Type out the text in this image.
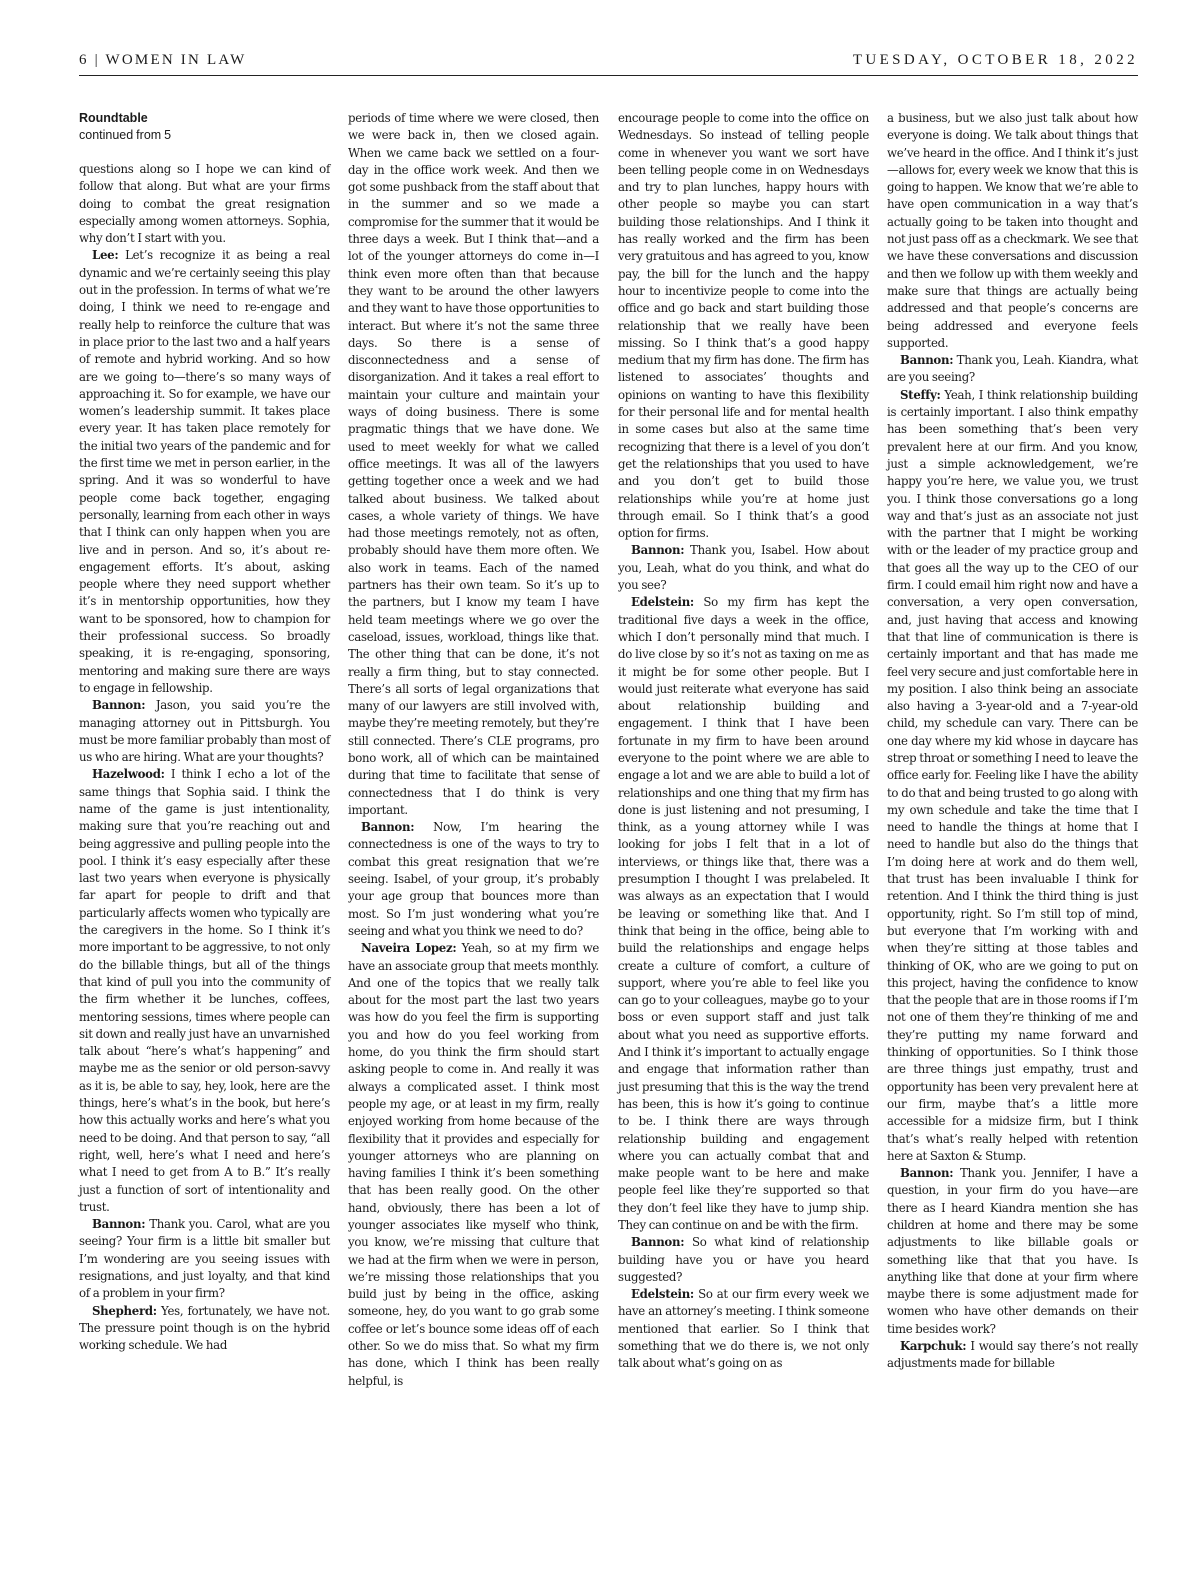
6 | WOMEN IN LAW	TUESDAY, OCTOBER 18, 2022

Roundtable

continued from 5

questions along so I hope we can kind of follow that along. But what are your firms doing to combat the great resignation especially among women attorneys. Sophia, why don’t I start with you.

Lee: Let’s recognize it as being a real dynamic and we’re certainly seeing this play out in the profession. In terms of what we’re doing, I think we need to re-engage and really help to reinforce the culture that was in place prior to the last two and a half years of remote and hybrid working. And so how are we going to—there’s so many ways of approaching it. So for example, we have our women’s leadership summit. It takes place every year. It has taken place remotely for the initial two years of the pandemic and for the first time we met in person earlier, in the spring. And it was so wonderful to have people come back together, engaging personally, learning from each other in ways that I think can only happen when you are live and in person. And so, it’s about re-engagement efforts. It’s about, asking people where they need support whether it’s in mentorship opportunities, how they want to be sponsored, how to champion for their professional success. So broadly speaking, it is re-engaging, sponsoring, mentoring and making sure there are ways to engage in fellowship.

Bannon: Jason, you said you’re the managing attorney out in Pittsburgh. You must be more familiar probably than most of us who are hiring. What are your thoughts?

Hazelwood: I think I echo a lot of the same things that Sophia said. I think the name of the game is just intentionality, making sure that you’re reaching out and being aggressive and pulling people into the pool. I think it’s easy especially after these last two years when everyone is physically far apart for people to drift and that particularly affects women who typically are the caregivers in the home. So I think it’s more important to be aggressive, to not only do the billable things, but all of the things that kind of pull you into the community of the firm whether it be lunches, coffees, mentoring sessions, times where people can sit down and really just have an unvarnished talk about “here’s what’s happening” and maybe me as the senior or old person-savvy as it is, be able to say, hey, look, here are the things, here’s what’s in the book, but here’s how this actually works and here’s what you need to be doing. And that person to say, “all right, well, here’s what I need and here’s what I need to get from A to B.” It’s really just a function of sort of intentionality and trust.

Bannon: Thank you. Carol, what are you seeing? Your firm is a little bit smaller but I’m wondering are you seeing issues with resignations, and just loyalty, and that kind of a problem in your firm?

Shepherd: Yes, fortunately, we have not. The pressure point though is on the hybrid working schedule. We had

periods of time where we were closed, then we were back in, then we closed again. When we came back we settled on a four-day in the office work week. And then we got some pushback from the staff about that in the summer and so we made a compromise for the summer that it would be three days a week. But I think that—and a lot of the younger attorneys do come in—I think even more often than that because they want to be around the other lawyers and they want to have those opportunities to interact. But where it’s not the same three days. So there is a sense of disconnectedness and a sense of disorganization. And it takes a real effort to maintain your culture and maintain your ways of doing business. There is some pragmatic things that we have done. We used to meet weekly for what we called office meetings. It was all of the lawyers getting together once a week and we had talked about business. We talked about cases, a whole variety of things. We have had those meetings remotely, not as often, probably should have them more often. We also work in teams. Each of the named partners has their own team. So it’s up to the partners, but I know my team I have held team meetings where we go over the caseload, issues, workload, things like that. The other thing that can be done, it’s not really a firm thing, but to stay connected. There’s all sorts of legal organizations that many of our lawyers are still involved with, maybe they’re meeting remotely, but they’re still connected. There’s CLE programs, pro bono work, all of which can be maintained during that time to facilitate that sense of connectedness that I do think is very important.

Bannon: Now, I’m hearing the connectedness is one of the ways to try to combat this great resignation that we’re seeing. Isabel, of your group, it’s probably your age group that bounces more than most. So I’m just wondering what you’re seeing and what you think we need to do?

Naveira Lopez: Yeah, so at my firm we have an associate group that meets monthly. And one of the topics that we really talk about for the most part the last two years was how do you feel the firm is supporting you and how do you feel working from home, do you think the firm should start asking people to come in. And really it was always a complicated asset. I think most people my age, or at least in my firm, really enjoyed working from home because of the flexibility that it provides and especially for younger attorneys who are planning on having families I think it’s been something that has been really good. On the other hand, obviously, there has been a lot of younger associates like myself who think, you know, we’re missing that culture that we had at the firm when we were in person, we’re missing those relationships that you build just by being in the office, asking someone, hey, do you want to go grab some coffee or let’s bounce some ideas off of each other. So we do miss that. So what my firm has done, which I think has been really helpful, is

encourage people to come into the office on Wednesdays. So instead of telling people come in whenever you want we sort have been telling people come in on Wednesdays and try to plan lunches, happy hours with other people so maybe you can start building those relationships. And I think it has really worked and the firm has been very gratuitous and has agreed to you, know pay, the bill for the lunch and the happy hour to incentivize people to come into the office and go back and start building those relationship that we really have been missing. So I think that’s a good happy medium that my firm has done. The firm has listened to associates’ thoughts and opinions on wanting to have this flexibility for their personal life and for mental health in some cases but also at the same time recognizing that there is a level of you don’t get the relationships that you used to have and you don’t get to build those relationships while you’re at home just through email. So I think that’s a good option for firms.

Bannon: Thank you, Isabel. How about you, Leah, what do you think, and what do you see?

Edelstein: So my firm has kept the traditional five days a week in the office, which I don’t personally mind that much. I do live close by so it’s not as taxing on me as it might be for some other people. But I would just reiterate what everyone has said about relationship building and engagement. I think that I have been fortunate in my firm to have been around everyone to the point where we are able to engage a lot and we are able to build a lot of relationships and one thing that my firm has done is just listening and not presuming, I think, as a young attorney while I was looking for jobs I felt that in a lot of interviews, or things like that, there was a presumption I thought I was prelabeled. It was always as an expectation that I would be leaving or something like that. And I think that being in the office, being able to build the relationships and engage helps create a culture of comfort, a culture of support, where you’re able to feel like you can go to your colleagues, maybe go to your boss or even support staff and just talk about what you need as supportive efforts. And I think it’s important to actually engage and engage that information rather than just presuming that this is the way the trend has been, this is how it’s going to continue to be. I think there are ways through relationship building and engagement where you can actually combat that and make people want to be here and make people feel like they’re supported so that they don’t feel like they have to jump ship. They can continue on and be with the firm.

Bannon: So what kind of relationship building have you or have you heard suggested?

Edelstein: So at our firm every week we have an attorney’s meeting. I think someone mentioned that earlier. So I think that something that we do there is, we not only talk about what’s going on as

a business, but we also just talk about how everyone is doing. We talk about things that we’ve heard in the office. And I think it’s just—allows for, every week we know that this is going to happen. We know that we’re able to have open communication in a way that’s actually going to be taken into thought and not just pass off as a checkmark. We see that we have these conversations and discussion and then we follow up with them weekly and make sure that things are actually being addressed and that people’s concerns are being addressed and everyone feels supported.

Bannon: Thank you, Leah. Kiandra, what are you seeing?

Steffy: Yeah, I think relationship building is certainly important. I also think empathy has been something that’s been very prevalent here at our firm. And you know, just a simple acknowledgement, we’re happy you’re here, we value you, we trust you. I think those conversations go a long way and that’s just as an associate not just with the partner that I might be working with or the leader of my practice group and that goes all the way up to the CEO of our firm. I could email him right now and have a conversation, a very open conversation, and, just having that access and knowing that that line of communication is there is certainly important and that has made me feel very secure and just comfortable here in my position. I also think being an associate also having a 3-year-old and a 7-year-old child, my schedule can vary. There can be one day where my kid whose in daycare has strep throat or something I need to leave the office early for. Feeling like I have the ability to do that and being trusted to go along with my own schedule and take the time that I need to handle the things at home that I need to handle but also do the things that I’m doing here at work and do them well, that trust has been invaluable I think for retention. And I think the third thing is just opportunity, right. So I’m still top of mind, but everyone that I’m working with and when they’re sitting at those tables and thinking of OK, who are we going to put on this project, having the confidence to know that the people that are in those rooms if I’m not one of them they’re thinking of me and they’re putting my name forward and thinking of opportunities. So I think those are three things just empathy, trust and opportunity has been very prevalent here at our firm, maybe that’s a little more accessible for a midsize firm, but I think that’s what’s really helped with retention here at Saxton & Stump.

Bannon: Thank you. Jennifer, I have a question, in your firm do you have—are there as I heard Kiandra mention she has children at home and there may be some adjustments to like billable goals or something like that that you have. Is anything like that done at your firm where maybe there is some adjustment made for women who have other demands on their time besides work?

Karpchuk: I would say there’s not really adjustments made for billable
